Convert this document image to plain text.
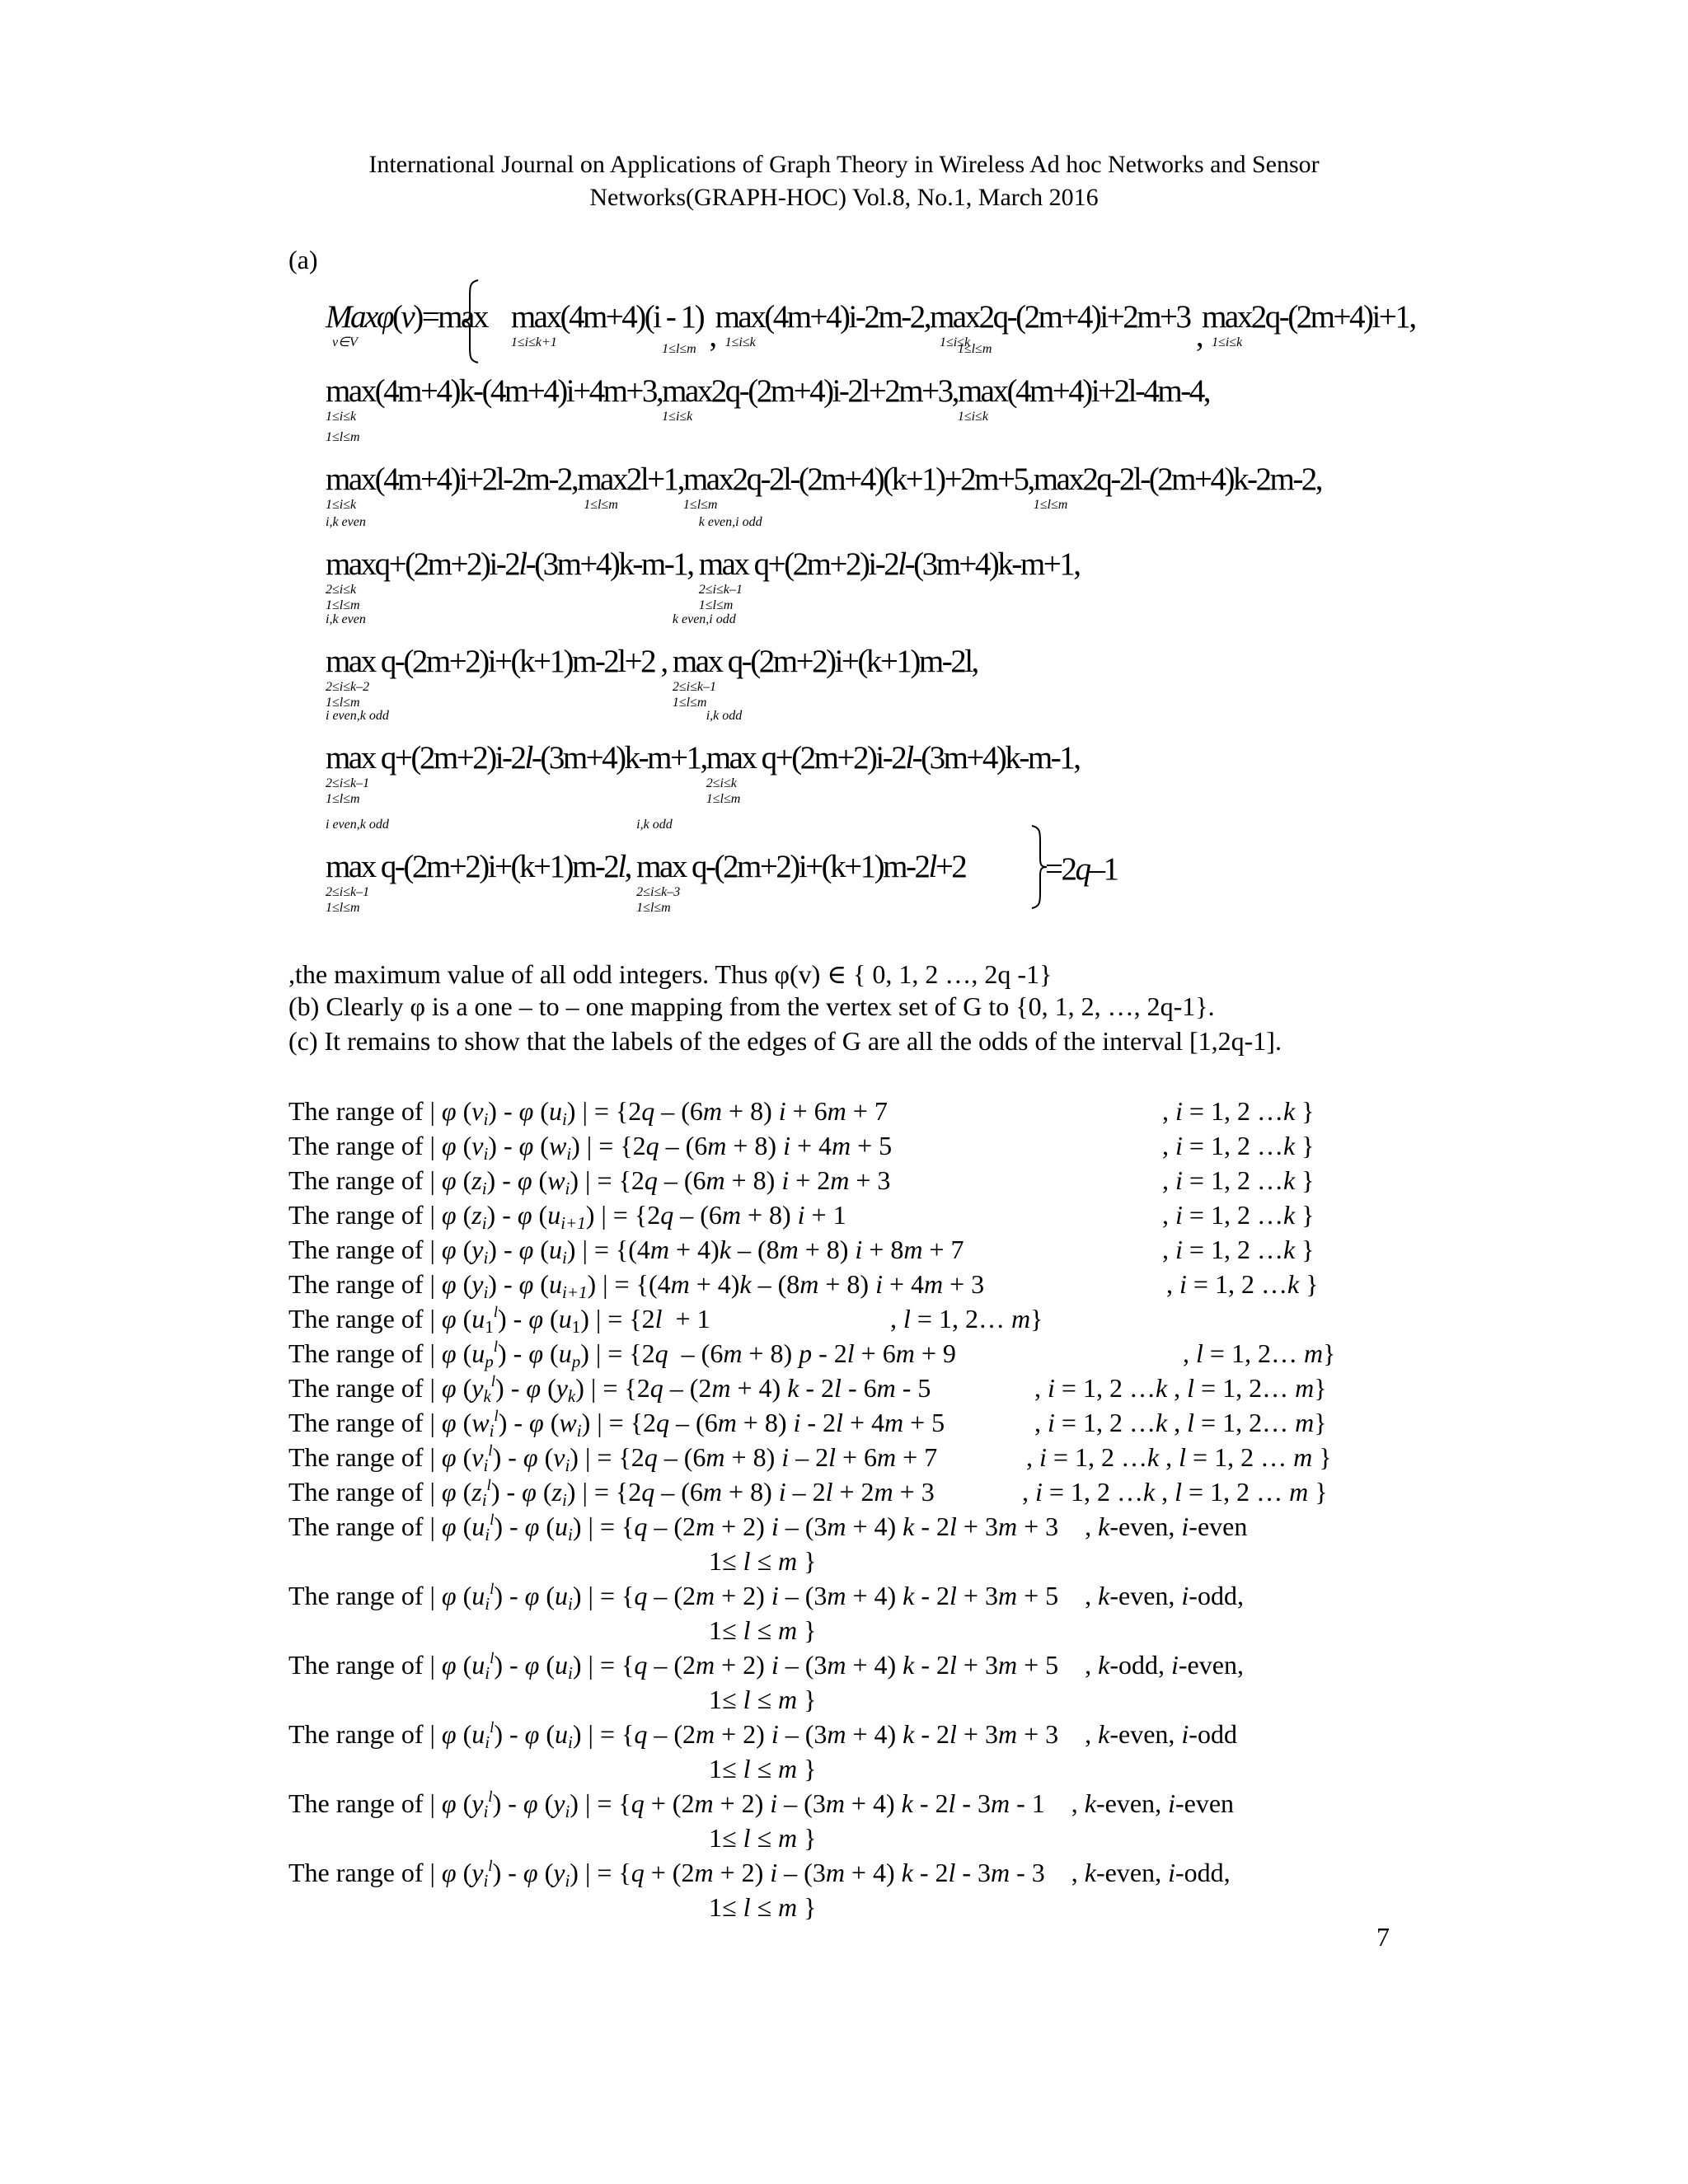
International Journal on Applications of Graph Theory in Wireless Ad hoc Networks and Sensor
Networks(GRAPH-HOC) Vol.8, No.1, March 2016
(a)
Maxφ(v)=max
v∈V

max(4m+4)(i - 1)
1≤i≤k+1	,
max(4m+4)i-2m-2,
1≤i≤k
max2q-(2m+4)i+2m+3
1≤i≤k	,
max2q-(2m+4)i+1,
1≤i≤k
max(4m+4)k-(4m+4)i+4m+3,
1≤i≤k
1≤l≤m
max2q-(2m+4)i-2l+2m+3,
1≤i≤k
1≤l≤m
max(4m+4)i+2l-4m-4,
1≤i≤k
1≤l≤m
max(4m+4)i+2l-2m-2,
1≤i≤k
max2l+1,
1≤l≤m
max2q-2l-(2m+4)(k+1)+2m+5,
1≤l≤m
max2q-2l-(2m+4)k-2m-2,
1≤l≤m
i,k even
maxq+(2m+2)i-2l-(3m+4)k-m-1,
2≤i≤k
1≤l≤m

k even,i odd
max q+(2m+2)i-2l-(3m+4)k-m+1,
2≤i≤k–1
1≤l≤m
i,k even
max q-(2m+2)i+(k+1)m-2l+2 ,
2≤i≤k–2
1≤l≤m

k even,i odd
max q-(2m+2)i+(k+1)m-2l,
2≤i≤k–1
1≤l≤m
i even,k odd
max q+(2m+2)i-2l-(3m+4)k-m+1,
2≤i≤k–1
1≤l≤m
i,k odd
max q+(2m+2)i-2l-(3m+4)k-m-1,
2≤i≤k
1≤l≤m
i even,k odd
max q-(2m+2)i+(k+1)m-2l,
2≤i≤k–1
1≤l≤m

i,k odd
max q-(2m+2)i+(k+1)m-2l+2
2≤i≤k–3
1≤l≤m
=2q–1
,the maximum value of all odd integers. Thus φ(v) ∈ { 0, 1, 2 …, 2q -1}
(b) Clearly φ is a one – to – one mapping from the vertex set of G to {0, 1, 2, …, 2q-1}.
(c) It remains to show that the labels of the edges of G are all the odds of the interval [1,2q-1].
The range of | φ $(v_i)$ - φ $(u_i)$ | = {2q – (6m + 8) i + 6m + 7	, i = 1, 2 …k }
The range of | φ $(v_i)$ - φ $(w_i)$ | = {2q – (6m + 8) i + 4m + 5	, i = 1, 2 …k }
The range of | φ $(z_i)$ - φ $(w_i)$ | = {2q – (6m + 8) i + 2m + 3	, i = 1, 2 …k }
The range of | φ $(z_i)$ - φ $(u_{i+1})$ | = {2q – (6m + 8) i + 1	, i = 1, 2 …k }
The range of | φ $(y_i)$ - φ $(u_i)$ | = {(4m + 4)k – (8m + 8) i + 8m + 7	, i = 1, 2 …k }
The range of | φ $(y_i)$ - φ $(u_{i+1})$ | = {(4m + 4)k – (8m + 8) i + 4m + 3	, i = 1, 2 …k }
The range of | φ $(u_1^l)$ - φ $(u_1)$ | = {2l  + 1	, l = 1, 2… m}
The range of | φ $(u_p^l)$ - φ $(u_p)$ | = {2q  – (6m + 8) p - 2l + 6m + 9	, l = 1, 2… m}
The range of | φ $(y_k^l)$ - φ $(y_k)$ | = {2q – (2m + 4) k - 2l - 6m - 5	, i = 1, 2 …k , l = 1, 2… m}
The range of | φ $(w_i^l)$ - φ $(w_i)$ | = {2q – (6m + 8) i - 2l + 4m + 5	, i = 1, 2 …k , l = 1, 2… m}
The range of | φ $(v_i^l)$ - φ $(v_i)$ | = {2q – (6m + 8) i – 2l + 6m + 7	, i = 1, 2 …k , l = 1, 2 … m }
The range of | φ $(z_i^l)$ - φ $(z_i)$ | = {2q – (6m + 8) i – 2l + 2m + 3	, i = 1, 2 …k , l = 1, 2 … m }
The range of | φ $(u_i^l)$ - φ $(u_i)$ | = {q – (2m + 2) i – (3m + 4) k - 2l + 3m + 3    , k-even, i-even
1≤ l ≤ m }
The range of | φ $(u_i^l)$ - φ $(u_i)$ | = {q – (2m + 2) i – (3m + 4) k - 2l + 3m + 5    , k-even, i-odd,
1≤ l ≤ m }
The range of | φ $(u_i^l)$ - φ $(u_i)$ | = {q – (2m + 2) i – (3m + 4) k - 2l + 3m + 5    , k-odd, i-even,
1≤ l ≤ m }
The range of | φ $(u_i^l)$ - φ $(u_i)$ | = {q – (2m + 2) i – (3m + 4) k - 2l + 3m + 3    , k-even, i-odd
1≤ l ≤ m }
The range of | φ $(y_i^l)$ - φ $(y_i)$ | = {q + (2m + 2) i – (3m + 4) k - 2l - 3m - 1    , k-even, i-even
1≤ l ≤ m }
The range of | φ $(y_i^l)$ - φ $(y_i)$ | = {q + (2m + 2) i – (3m + 4) k - 2l - 3m - 3    , k-even, i-odd,
1≤ l ≤ m }
7
